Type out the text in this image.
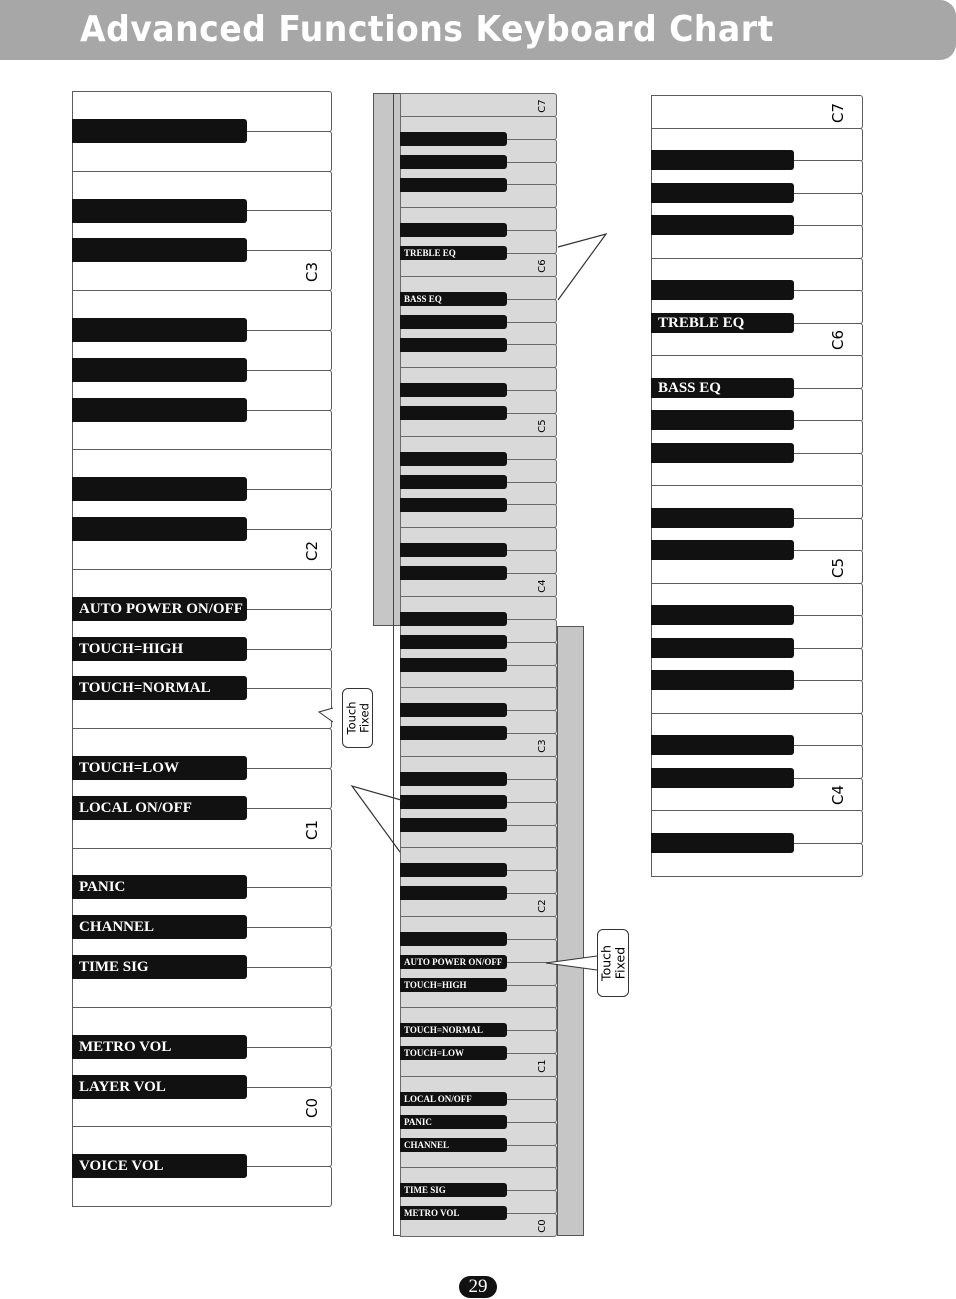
Advanced Functions Keyboard Chart
C3
C2
C1
C0
AUTO POWER ON/OFF
TOUCH=HIGH
TOUCH=NORMAL
TOUCH=LOW
LOCAL ON/OFF
PANIC
CHANNEL
TIME SIG
METRO VOL
LAYER VOL
VOICE VOL
C7
C6
C5
C4
C3
C2
C1
C0
TREBLE EQ
BASS EQ
AUTO POWER ON/OFF
TOUCH=HIGH
TOUCH=NORMAL
TOUCH=LOW
LOCAL ON/OFF
PANIC
CHANNEL
TIME SIG
METRO VOL
C7
C6
C5
C4
TREBLE EQ
BASS EQ
Touch
Fixed
Touch
Fixed
29
